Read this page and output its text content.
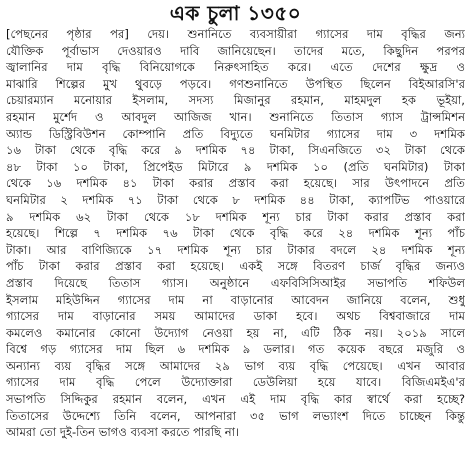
এক চুলা ১৩৫০
[পেছনের পৃষ্ঠার পর] দেয়। শুনানিতে ব্যবসায়ীরা গ্যাসের দাম বৃদ্ধির জন্য
যৌক্তিক পূর্বাভাস দেওয়ারও দাবি জানিয়েছেন। তাদের মতে, কিছুদিন পরপর
জ্বালানির দাম বৃদ্ধি বিনিয়োগকে নিরুৎসাহিত করে। এতে দেশের ক্ষুদ্র ও
মাঝারি শিল্পের মুখ থুবড়ে পড়বে। গণশুনানিতে উপস্থিত ছিলেন বিইআরসি'র
চেয়ারম্যান মনোয়ার ইসলাম, সদস্য মিজানুর রহমান, মাহমদুল হক ভূইয়া,
রহমান মুর্শেদ ও আবদুল আজিজ খান। শুনানিতে তিতাস গ্যাস ট্রান্সমিশন
অ্যান্ড ডিস্ট্রিবিউশন কোম্পানি প্রতি বিদ্যুতে ঘনমিটার গ্যাসের দাম ৩ দশমিক
১৬ টাকা থেকে বৃদ্ধি করে ৯ দশমিক ৭৪ টাকা, সিএনজিতে ৩২ টাকা থেকে
৪৮ টাকা ১০ টাকা, প্রিপেইড মিটারে ৯ দশমিক ১০ (প্রতি ঘনমিটার) টাকা
থেকে ১৬ দশমিক ৪১ টাকা করার প্রস্তাব করা হয়েছে। সার উৎপাদনে প্রতি
ঘনমিটার ২ দশমিক ৭১ টাকা থেকে ৮ দশমিক ৪৪ টাকা, ক্যাপটিভ পাওয়ারে
৯ দশমিক ৬২ টাকা থেকে ১৮ দশমিক শূন্য চার টাকা করার প্রস্তাব করা
হয়েছে। শিল্পে ৭ দশমিক ৭৬ টাকা থেকে বৃদ্ধি করে ২৪ দশমিক শূন্য পাঁচ
টাকা। আর বাণিজ্যিকে ১৭ দশমিক শূন্য চার টাকার বদলে ২৪ দশমিক শূন্য
পাঁচ টাকা করার প্রস্তাব করা হয়েছে। একই সঙ্গে বিতরণ চার্জ বৃদ্ধির জন্যও
প্রস্তাব দিয়েছে তিতাস গ্যাস। অনুষ্ঠানে এফবিসিসিআইর সভাপতি শফিউল
ইসলাম মহিউদ্দিন গ্যাসের দাম না বাড়ানোর আবেদন জানিয়ে বলেন, শুধু
গ্যাসের দাম বাড়ানোর সময় আমাদের ডাকা হবে। অথচ বিশ্ববাজারে দাম
কমলেও কমানোর কোনো উদ্যোগ নেওয়া হয় না, এটি ঠিক নয়। ২০১৯ সালে
বিশ্বে গড় গ্যাসের দাম ছিল ৬ দশমিক ৯ ডলার। গত কয়েক বছরে মজুরি ও
অন্যান্য ব্যয় বৃদ্ধির সঙ্গে আমাদের ২৯ ভাগ ব্যয় বৃদ্ধি পেয়েছে। এখন আবার
গ্যাসের দাম বৃদ্ধি পেলে উদ্যোক্তারা ডেউলিয়া হয়ে যাবে। বিজিএমইএ'র
সভাপতি সিদ্দিকুর রহমান বলেন, এখন এই দাম বৃদ্ধি কার স্বার্থে করা হচ্ছে?
তিতাসের উদ্দেশ্যে তিনি বলেন, আপনারা ৩৫ ভাগ লভ্যাংশ দিতে চাচ্ছেন কিন্তু
আমরা তো দুই-তিন ভাগও ব্যবসা করতে পারছি না।
